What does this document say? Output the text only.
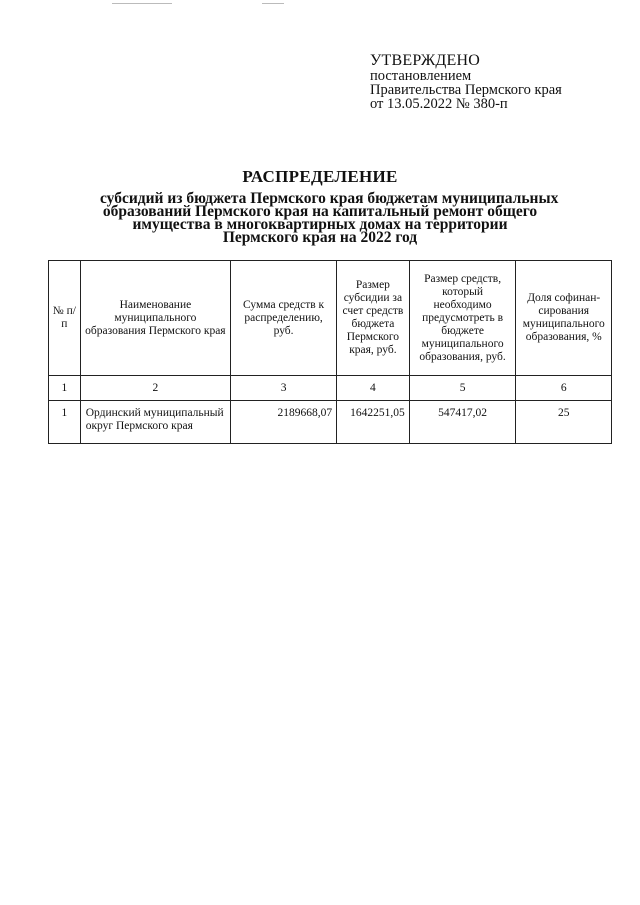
УТВЕРЖДЕНО
постановлением
Правительства Пермского края
от 13.05.2022 № 380-п
РАСПРЕДЕЛЕНИЕ
субсидий из бюджета Пермского края бюджетам муниципальных
образований Пермского края на капитальный ремонт общего
имущества в многоквартирных домах на территории
Пермского края на 2022 год
№ п/п	Наименование муниципального образования Пермского края	Сумма средств к распределению, руб.	Размер субсидии за счет средств бюджета Пермского края, руб.	Размер средств, который необходимо предусмотреть в бюджете муниципального образования, руб.	Доля софинан-сирования муниципального образования, %
1	2	3	4	5	6
1	Ординский муниципальный округ Пермского края	2189668,07	1642251,05	547417,02	25
